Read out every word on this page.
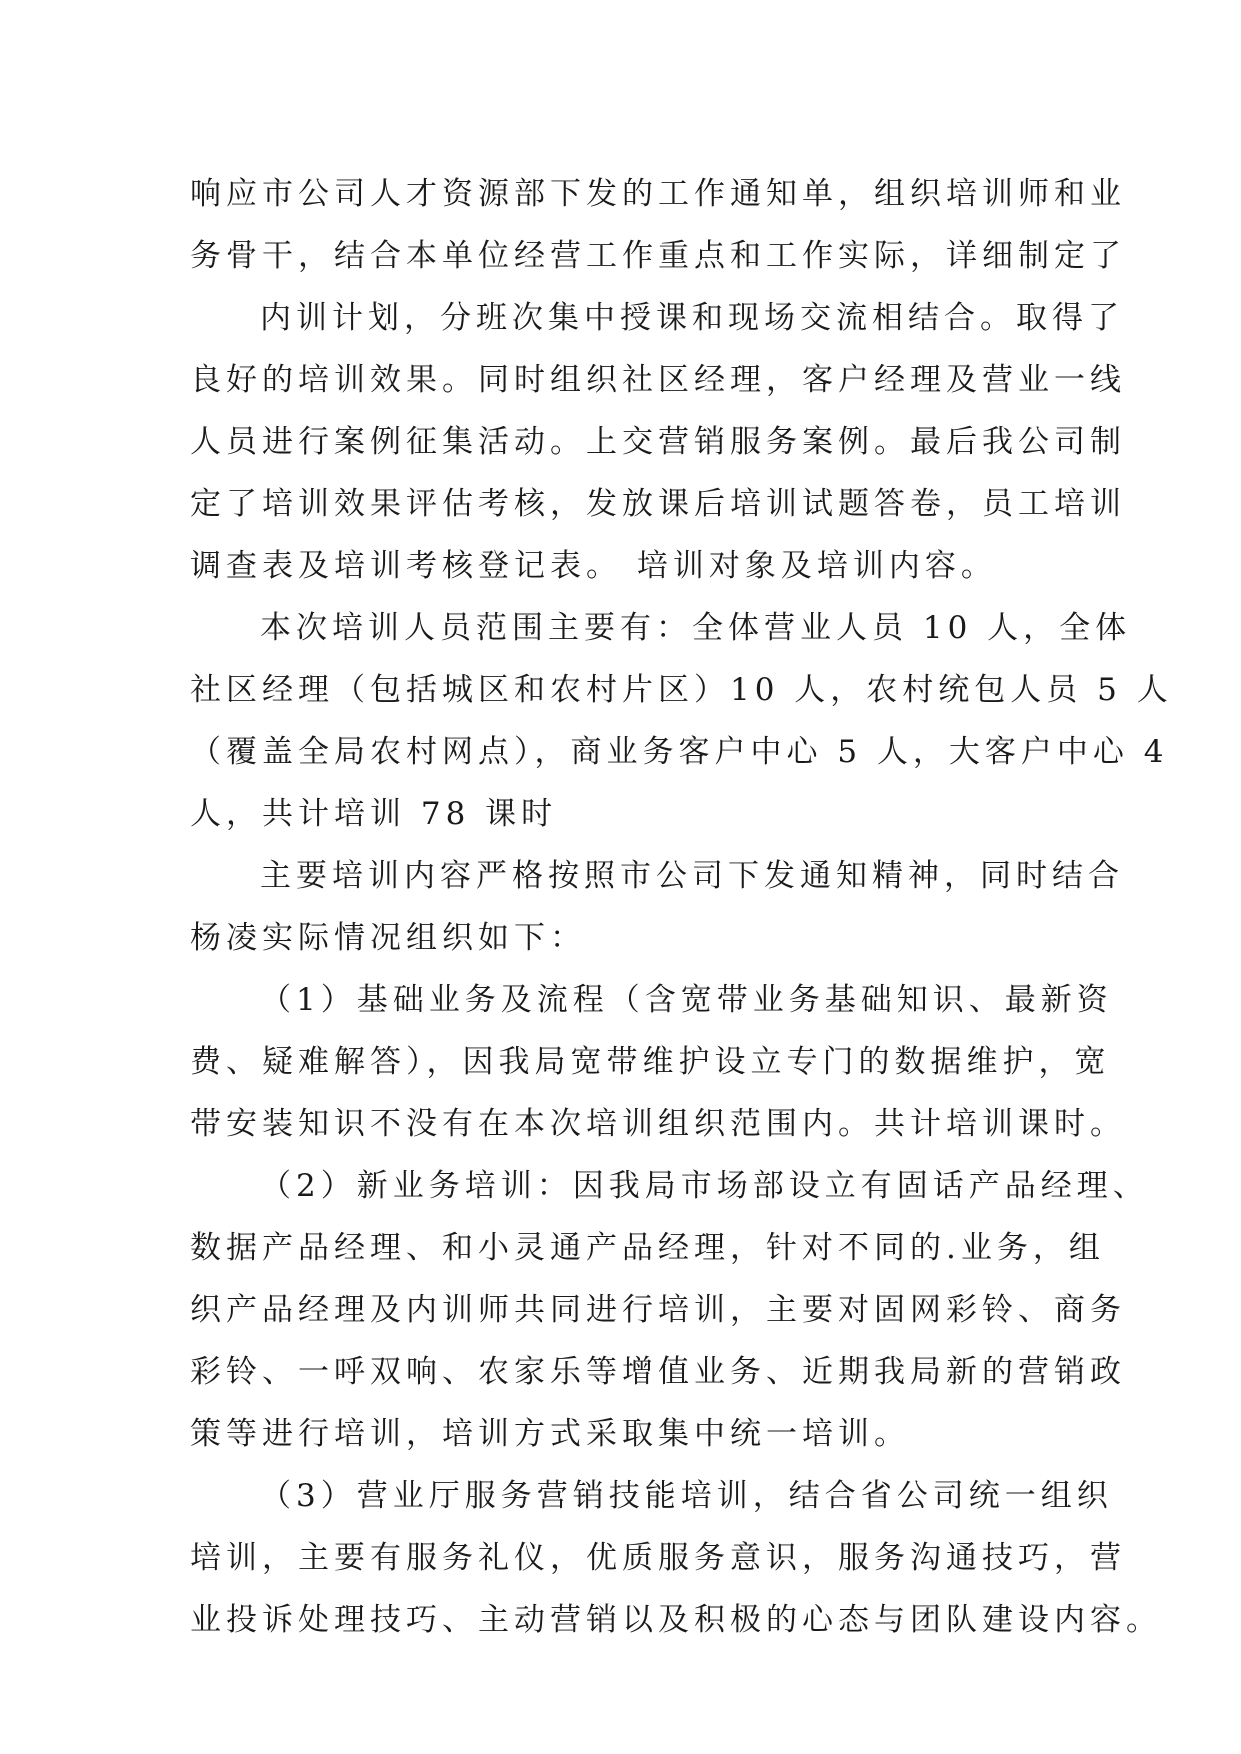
响应市公司人才资源部下发的工作通知单，组织培训师和业

务骨干，结合本单位经营工作重点和工作实际，详细制定了

内训计划，分班次集中授课和现场交流相结合。取得了

良好的培训效果。同时组织社区经理，客户经理及营业一线

人员进行案例征集活动。上交营销服务案例。最后我公司制

定了培训效果评估考核，发放课后培训试题答卷，员工培训

调查表及培训考核登记表。 培训对象及培训内容。

本次培训人员范围主要有：全体营业人员 10 人，全体

社区经理（包括城区和农村片区）10 人，农村统包人员 5 人

（覆盖全局农村网点），商业务客户中心 5 人，大客户中心 4

人，共计培训 78 课时

主要培训内容严格按照市公司下发通知精神，同时结合

杨凌实际情况组织如下：

（1）基础业务及流程（含宽带业务基础知识、最新资

费、疑难解答），因我局宽带维护设立专门的数据维护，宽

带安装知识不没有在本次培训组织范围内。共计培训课时。

（2）新业务培训：因我局市场部设立有固话产品经理、

数据产品经理、和小灵通产品经理，针对不同的.业务，组

织产品经理及内训师共同进行培训，主要对固网彩铃、商务

彩铃、一呼双响、农家乐等增值业务、近期我局新的营销政

策等进行培训，培训方式采取集中统一培训。

（3）营业厅服务营销技能培训，结合省公司统一组织

培训，主要有服务礼仪，优质服务意识，服务沟通技巧，营

业投诉处理技巧、主动营销以及积极的心态与团队建设内容。
